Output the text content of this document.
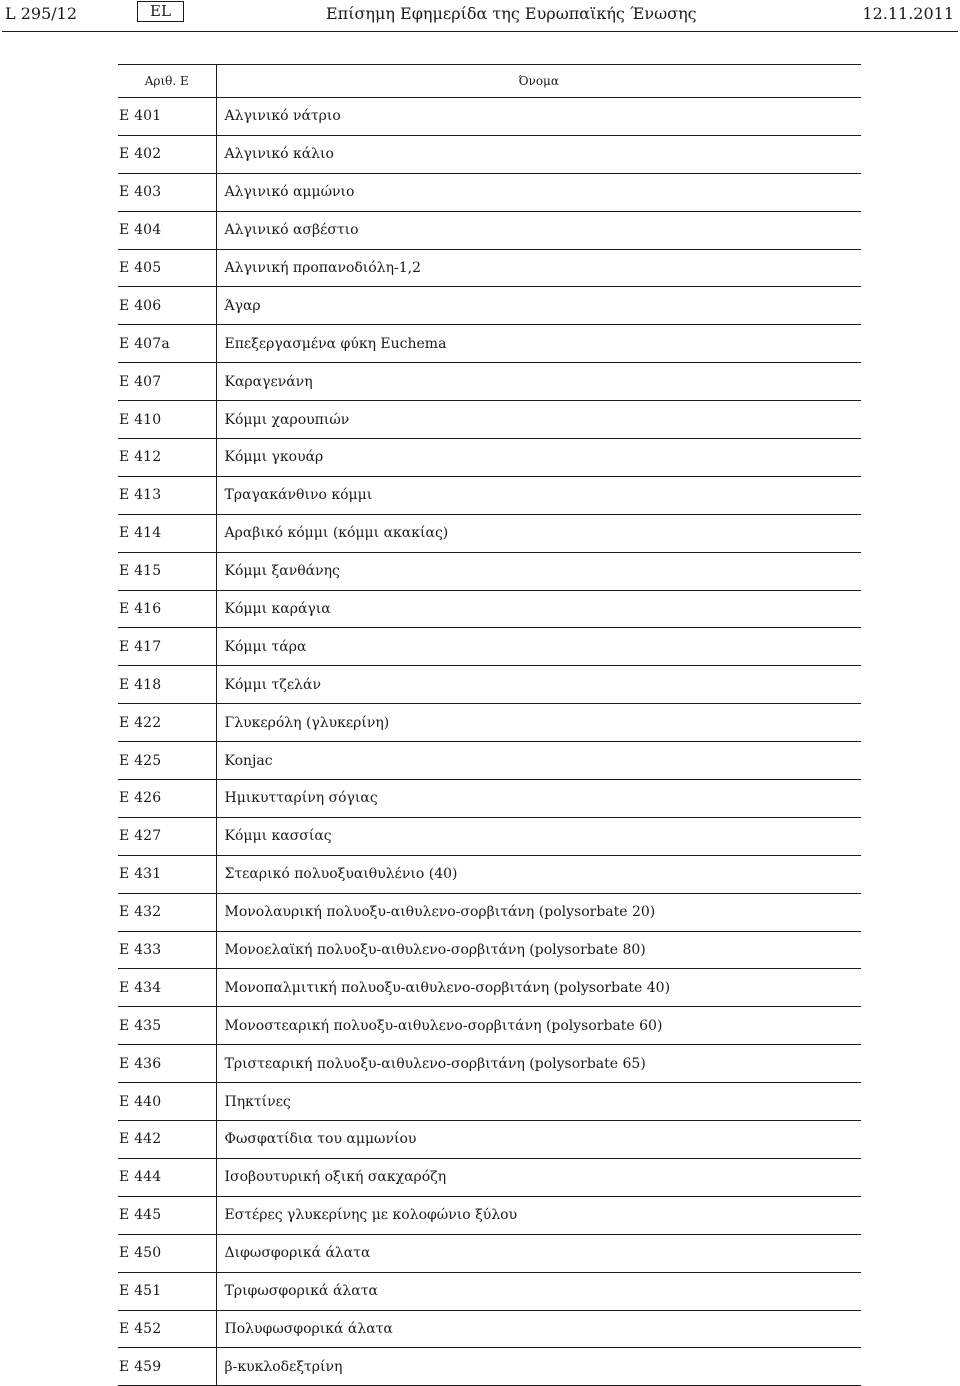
L 295/12	EL	Επίσημη Εφημερίδα της Ευρωπαϊκής Ένωσης	12.11.2011
Αριθ. Ε	Όνομα
E 401	Αλγινικό νάτριο
E 402	Αλγινικό κάλιο
E 403	Αλγινικό αμμώνιο
E 404	Αλγινικό ασβέστιο
E 405	Αλγινική προπανοδιόλη-1,2
E 406	Άγαρ
E 407a	Επεξεργασμένα φύκη Euchema
E 407	Καραγενάνη
E 410	Κόμμι χαρουπιών
E 412	Κόμμι γκουάρ
E 413	Τραγακάνθινο κόμμι
E 414	Αραβικό κόμμι (κόμμι ακακίας)
E 415	Κόμμι ξανθάνης
E 416	Κόμμι καράγια
E 417	Κόμμι τάρα
E 418	Κόμμι τζελάν
E 422	Γλυκερόλη (γλυκερίνη)
E 425	Konjac
E 426	Ημικυτταρίνη σόγιας
E 427	Κόμμι κασσίας
E 431	Στεαρικό πολυοξυαιθυλένιο (40)
E 432	Μονολαυρική πολυοξυ-αιθυλενο-σορβιτάνη (polysorbate 20)
E 433	Μονοελαϊκή πολυοξυ-αιθυλενο-σορβιτάνη (polysorbate 80)
E 434	Μονοπαλμιτική πολυοξυ-αιθυλενο-σορβιτάνη (polysorbate 40)
E 435	Μονοστεαρική πολυοξυ-αιθυλενο-σορβιτάνη (polysorbate 60)
E 436	Τριστεαρική πολυοξυ-αιθυλενο-σορβιτάνη (polysorbate 65)
E 440	Πηκτίνες
E 442	Φωσφατίδια του αμμωνίου
E 444	Ισοβουτυρική οξική σακχαρόζη
E 445	Εστέρες γλυκερίνης με κολοφώνιο ξύλου
E 450	Διφωσφορικά άλατα
E 451	Τριφωσφορικά άλατα
E 452	Πολυφωσφορικά άλατα
E 459	β-κυκλοδεξτρίνη
